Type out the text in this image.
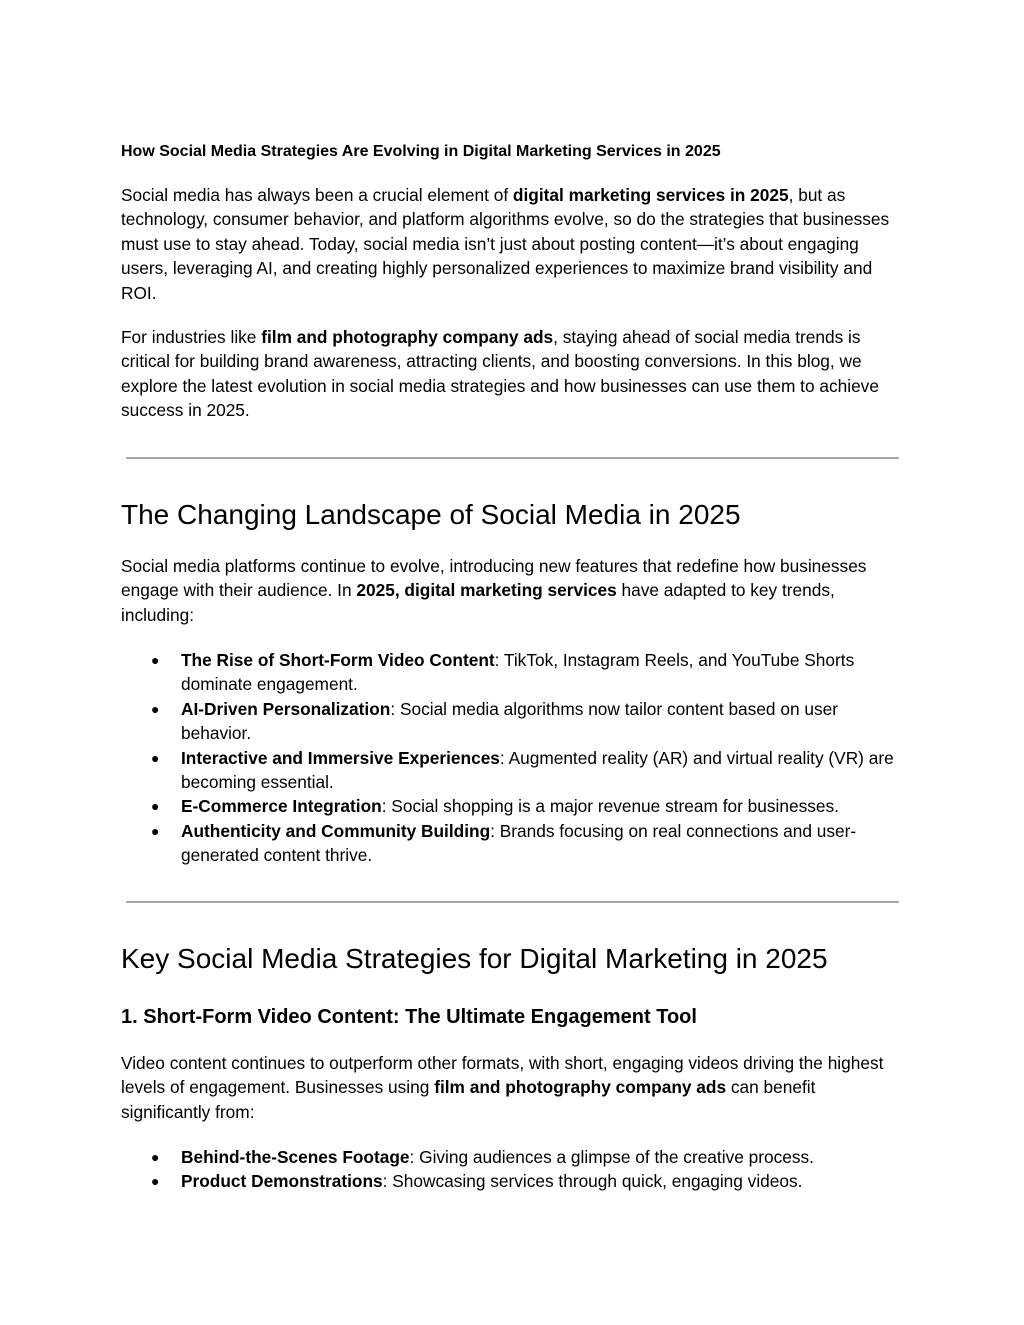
How Social Media Strategies Are Evolving in Digital Marketing Services in 2025

Social media has always been a crucial element of digital marketing services in 2025, but as technology, consumer behavior, and platform algorithms evolve, so do the strategies that businesses must use to stay ahead. Today, social media isn’t just about posting content—it’s about engaging users, leveraging AI, and creating highly personalized experiences to maximize brand visibility and ROI.

For industries like film and photography company ads, staying ahead of social media trends is critical for building brand awareness, attracting clients, and boosting conversions. In this blog, we explore the latest evolution in social media strategies and how businesses can use them to achieve success in 2025.

The Changing Landscape of Social Media in 2025

Social media platforms continue to evolve, introducing new features that redefine how businesses engage with their audience. In 2025, digital marketing services have adapted to key trends, including:

● The Rise of Short-Form Video Content: TikTok, Instagram Reels, and YouTube Shorts dominate engagement.
● AI-Driven Personalization: Social media algorithms now tailor content based on user behavior.
● Interactive and Immersive Experiences: Augmented reality (AR) and virtual reality (VR) are becoming essential.
● E-Commerce Integration: Social shopping is a major revenue stream for businesses.
● Authenticity and Community Building: Brands focusing on real connections and user-generated content thrive.
Key Social Media Strategies for Digital Marketing in 2025
1. Short-Form Video Content: The Ultimate Engagement Tool

Video content continues to outperform other formats, with short, engaging videos driving the highest levels of engagement. Businesses using film and photography company ads can benefit significantly from:

● Behind-the-Scenes Footage: Giving audiences a glimpse of the creative process.
● Product Demonstrations: Showcasing services through quick, engaging videos.
